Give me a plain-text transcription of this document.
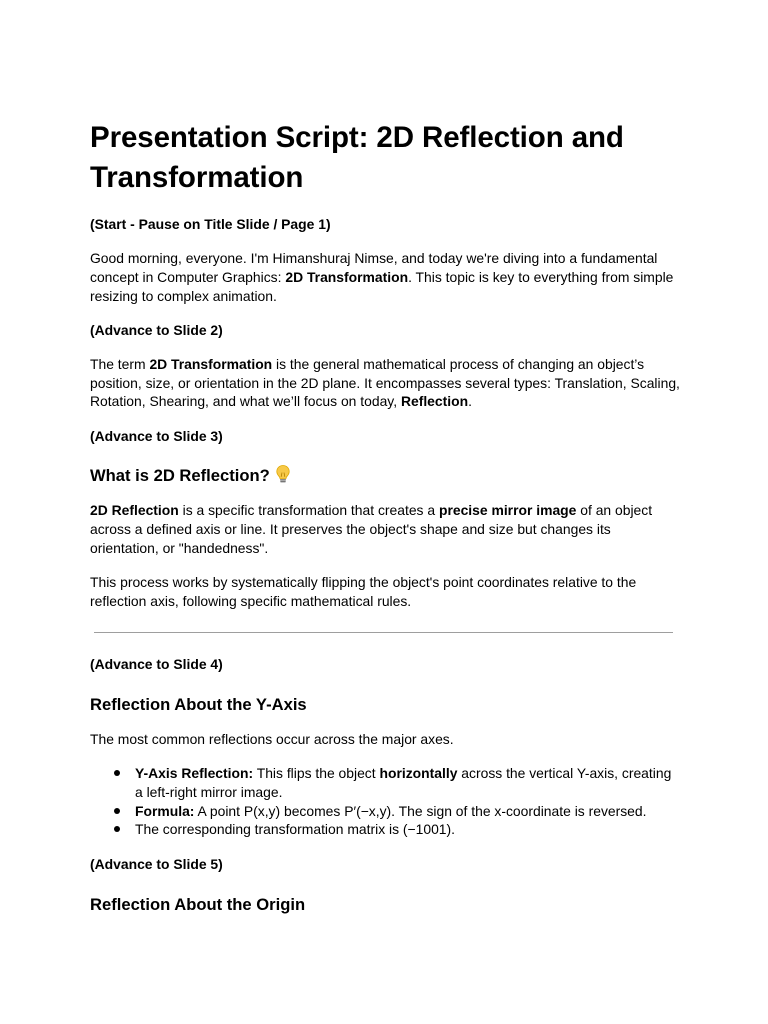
Presentation Script: 2D Reflection and Transformation

(Start - Pause on Title Slide / Page 1)

Good morning, everyone. I'm Himanshuraj Nimse, and today we're diving into a fundamental concept in Computer Graphics: 2D Transformation. This topic is key to everything from simple resizing to complex animation.

(Advance to Slide 2)

The term 2D Transformation is the general mathematical process of changing an object’s position, size, or orientation in the 2D plane. It encompasses several types: Translation, Scaling, Rotation, Shearing, and what we’ll focus on today, Reflection.

(Advance to Slide 3)

What is 2D Reflection?

2D Reflection is a specific transformation that creates a precise mirror image of an object across a defined axis or line. It preserves the object's shape and size but changes its orientation, or "handedness".

This process works by systematically flipping the object's point coordinates relative to the reflection axis, following specific mathematical rules.

(Advance to Slide 4)

Reflection About the Y-Axis

The most common reflections occur across the major axes.

Y-Axis Reflection: This flips the object horizontally across the vertical Y-axis, creating a left-right mirror image.
Formula: A point P(x,y) becomes P′(−x,y). The sign of the x-coordinate is reversed.
The corresponding transformation matrix is (−1001).

(Advance to Slide 5)

Reflection About the Origin
